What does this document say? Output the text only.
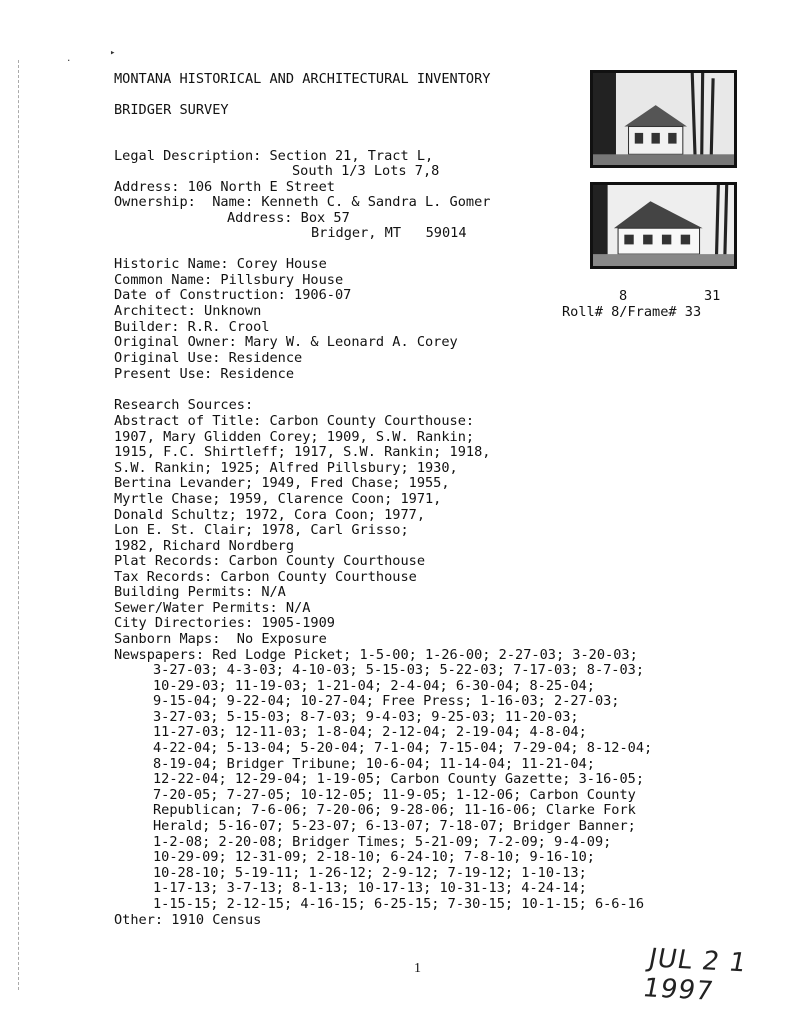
.
▸
MONTANA HISTORICAL AND ARCHITECTURAL INVENTORY
BRIDGER SURVEY
Legal Description: Section 21, Tract L,
South 1/3 Lots 7,8
Address: 106 North E Street
Ownership:  Name: Kenneth C. & Sandra L. Gomer
Address: Box 57
Bridger, MT   59014
Historic Name: Corey House
Common Name: Pillsbury House
Date of Construction: 1906-07
Architect: Unknown
Builder: R.R. Crool
Original Owner: Mary W. & Leonard A. Corey
Original Use: Residence
Present Use: Residence
8	31
Roll# 8/Frame# 33
Research Sources:
Abstract of Title: Carbon County Courthouse:
1907, Mary Glidden Corey; 1909, S.W. Rankin;
1915, F.C. Shirtleff; 1917, S.W. Rankin; 1918,
S.W. Rankin; 1925; Alfred Pillsbury; 1930,
Bertina Levander; 1949, Fred Chase; 1955,
Myrtle Chase; 1959, Clarence Coon; 1971,
Donald Schultz; 1972, Cora Coon; 1977,
Lon E. St. Clair; 1978, Carl Grisso;
1982, Richard Nordberg
Plat Records: Carbon County Courthouse
Tax Records: Carbon County Courthouse
Building Permits: N/A
Sewer/Water Permits: N/A
City Directories: 1905-1909
Sanborn Maps:  No Exposure
Newspapers: Red Lodge Picket; 1-5-00; 1-26-00; 2-27-03; 3-20-03;
3-27-03; 4-3-03; 4-10-03; 5-15-03; 5-22-03; 7-17-03; 8-7-03;
10-29-03; 11-19-03; 1-21-04; 2-4-04; 6-30-04; 8-25-04;
9-15-04; 9-22-04; 10-27-04; Free Press; 1-16-03; 2-27-03;
3-27-03; 5-15-03; 8-7-03; 9-4-03; 9-25-03; 11-20-03;
11-27-03; 12-11-03; 1-8-04; 2-12-04; 2-19-04; 4-8-04;
4-22-04; 5-13-04; 5-20-04; 7-1-04; 7-15-04; 7-29-04; 8-12-04;
8-19-04; Bridger Tribune; 10-6-04; 11-14-04; 11-21-04;
12-22-04; 12-29-04; 1-19-05; Carbon County Gazette; 3-16-05;
7-20-05; 7-27-05; 10-12-05; 11-9-05; 1-12-06; Carbon County
Republican; 7-6-06; 7-20-06; 9-28-06; 11-16-06; Clarke Fork
Herald; 5-16-07; 5-23-07; 6-13-07; 7-18-07; Bridger Banner;
1-2-08; 2-20-08; Bridger Times; 5-21-09; 7-2-09; 9-4-09;
10-29-09; 12-31-09; 2-18-10; 6-24-10; 7-8-10; 9-16-10;
10-28-10; 5-19-11; 1-26-12; 2-9-12; 7-19-12; 1-10-13;
1-17-13; 3-7-13; 8-1-13; 10-17-13; 10-31-13; 4-24-14;
1-15-15; 2-12-15; 4-16-15; 6-25-15; 7-30-15; 10-1-15; 6-6-16
Other: 1910 Census
1	JUL 2 1 1997
